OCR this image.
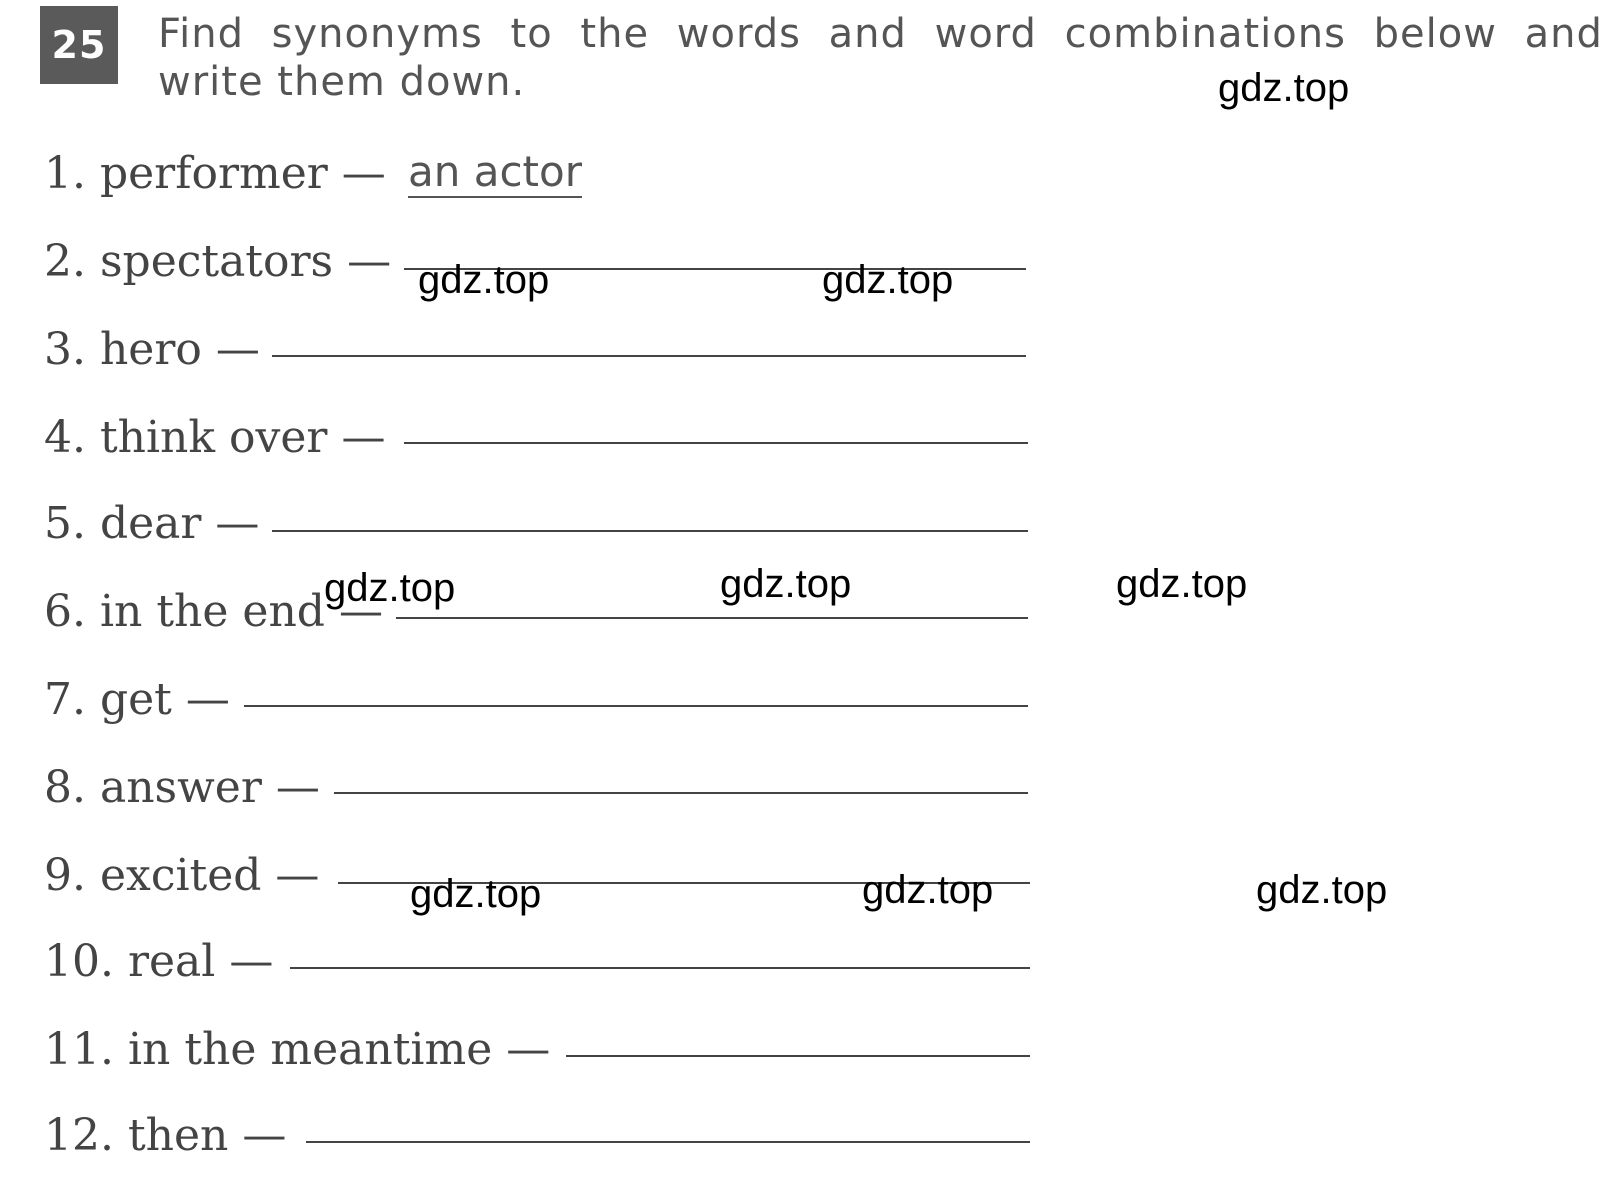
25 Find synonyms to the words and word combinations below and
write them down.
1. performer — an actor
2. spectators —
3. hero —
4. think over —
5. dear —
6. in the end —
7. get —
8. answer —
9. excited —
10. real —
11. in the meantime —
12. then —
gdz.top
gdz.top	gdz.top
gdz.top	gdz.top	gdz.top
gdz.top	gdz.top	gdz.top
